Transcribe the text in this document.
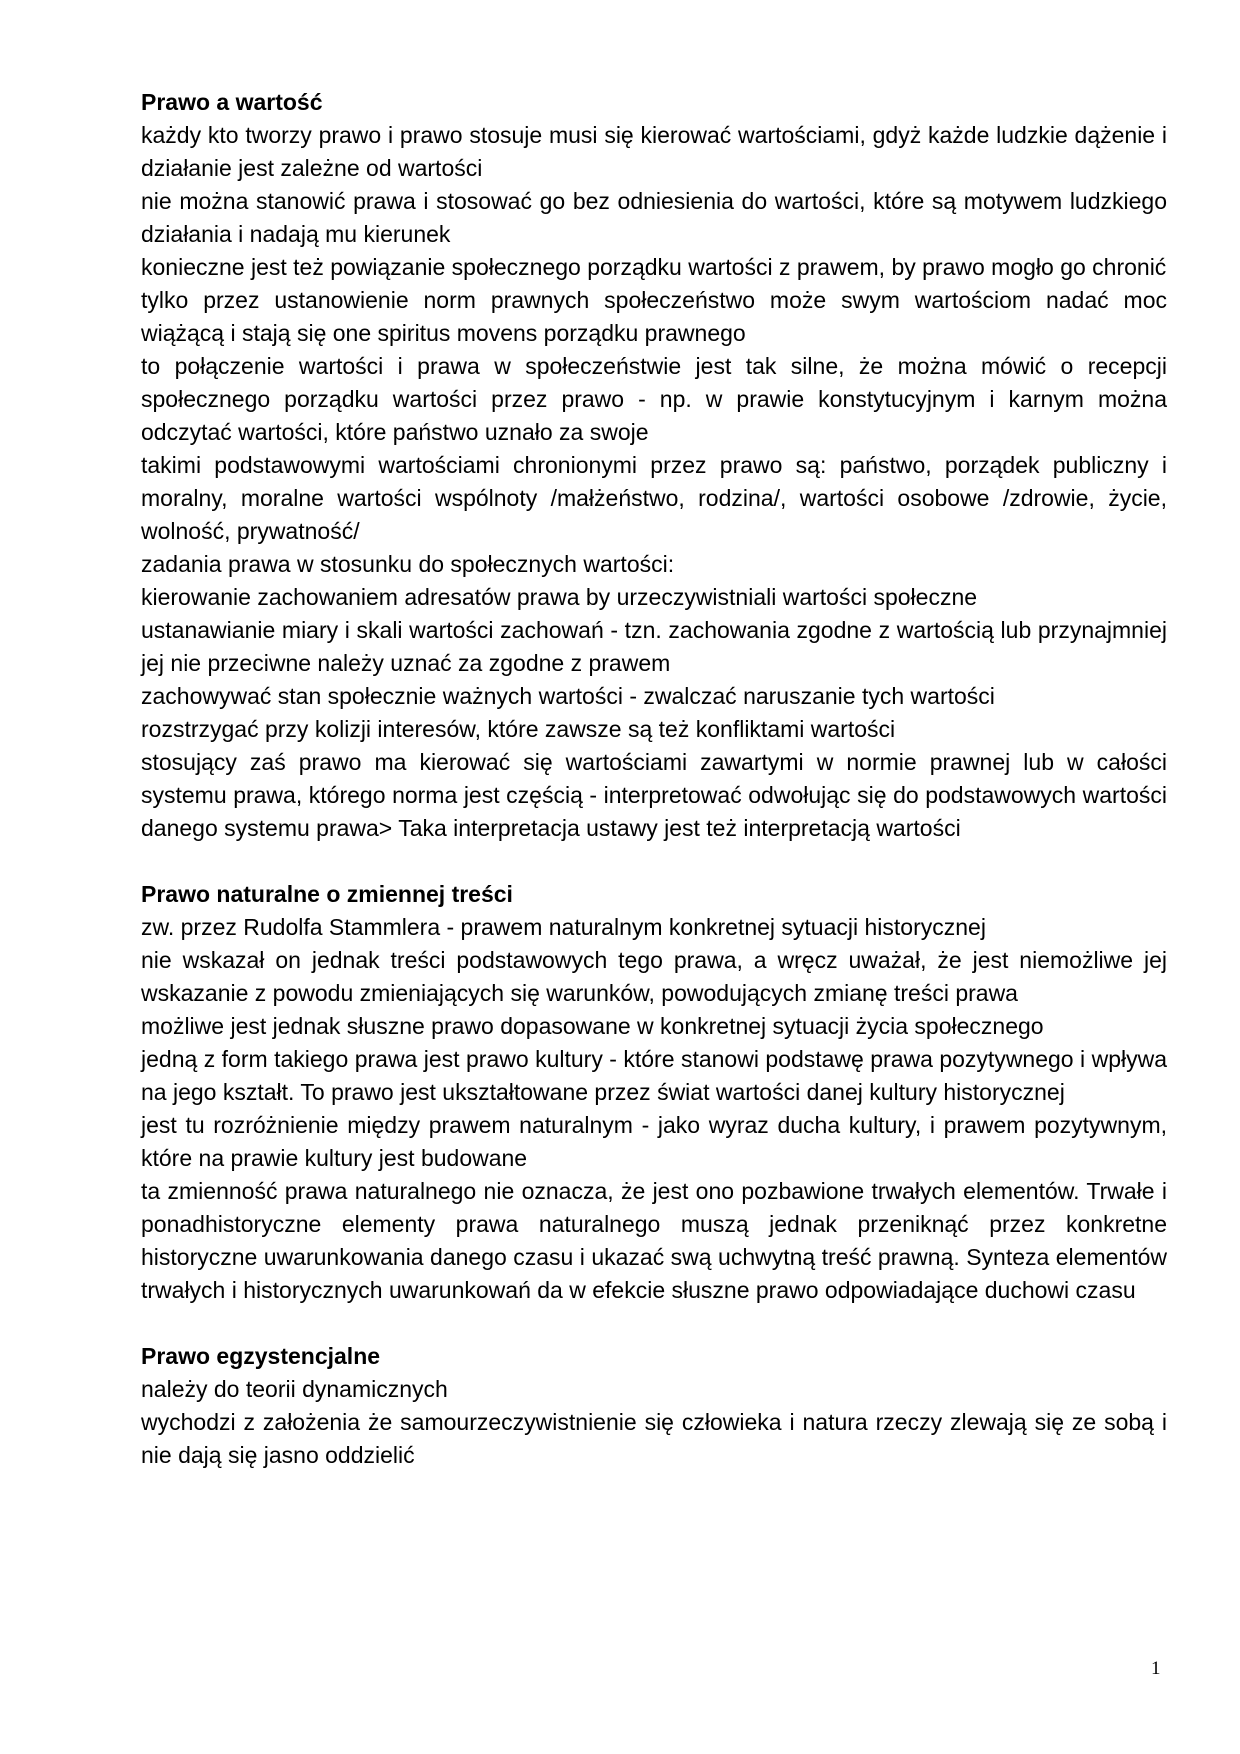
Prawo a wartość

każdy kto tworzy prawo i prawo stosuje musi się kierować wartościami, gdyż każde ludzkie dążenie i działanie jest zależne od wartości

nie można stanowić prawa i stosować go bez odniesienia do wartości, które są motywem ludzkiego działania i nadają mu kierunek

konieczne jest też powiązanie społecznego porządku wartości z prawem, by prawo mogło go chronić

tylko przez ustanowienie norm prawnych społeczeństwo może swym wartościom nadać moc wiążącą i stają się one spiritus movens porządku prawnego

to połączenie wartości i prawa w społeczeństwie jest tak silne, że można mówić o recepcji społecznego porządku wartości przez prawo - np. w prawie konstytucyjnym i karnym można odczytać wartości, które państwo uznało za swoje

takimi podstawowymi wartościami chronionymi przez prawo są: państwo, porządek publiczny i moralny, moralne wartości wspólnoty /małżeństwo, rodzina/, wartości osobowe /zdrowie, życie, wolność, prywatność/

zadania prawa w stosunku do społecznych wartości:

kierowanie zachowaniem adresatów prawa by urzeczywistniali wartości społeczne

ustanawianie miary i skali wartości zachowań - tzn. zachowania zgodne z wartością lub przynajmniej jej nie przeciwne należy uznać za zgodne z prawem

zachowywać stan społecznie ważnych wartości - zwalczać naruszanie tych wartości

rozstrzygać przy kolizji interesów, które zawsze są też konfliktami wartości

stosujący zaś prawo ma kierować się wartościami zawartymi w normie prawnej lub w całości systemu prawa, którego norma jest częścią - interpretować odwołując się do podstawowych wartości danego systemu prawa> Taka interpretacja ustawy jest też interpretacją wartości

Prawo naturalne o zmiennej treści

zw. przez Rudolfa Stammlera - prawem naturalnym konkretnej sytuacji historycznej

nie wskazał on jednak treści podstawowych tego prawa, a wręcz uważał, że jest niemożliwe jej wskazanie z powodu zmieniających się warunków, powodujących zmianę treści prawa

możliwe jest jednak słuszne prawo dopasowane w konkretnej sytuacji życia społecznego

jedną z form takiego prawa jest prawo kultury - które stanowi podstawę prawa pozytywnego i wpływa na jego kształt. To prawo jest ukształtowane przez świat wartości danej kultury historycznej

jest tu rozróżnienie między prawem naturalnym - jako wyraz ducha kultury, i prawem pozytywnym, które na prawie kultury jest budowane

ta zmienność prawa naturalnego nie oznacza, że jest ono pozbawione trwałych elementów. Trwałe i ponadhistoryczne elementy prawa naturalnego muszą jednak przeniknąć przez konkretne historyczne uwarunkowania danego czasu i ukazać swą uchwytną treść prawną. Synteza elementów trwałych i historycznych uwarunkowań da w efekcie słuszne prawo odpowiadające duchowi czasu

Prawo egzystencjalne

należy do teorii dynamicznych

wychodzi z założenia że samourzeczywistnienie się człowieka i natura rzeczy zlewają się ze sobą i nie dają się jasno oddzielić

1
